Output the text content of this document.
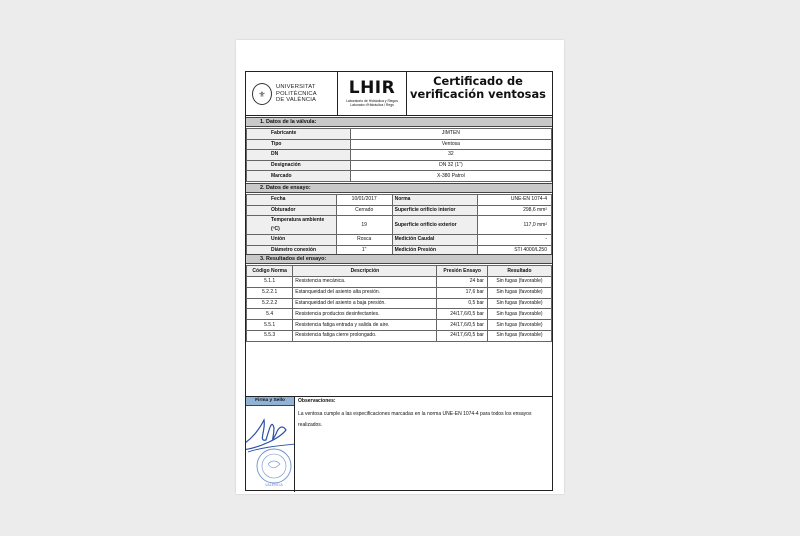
⚜
UNIVERSITAT
POLITÈCNICA
DE VALÈNCIA
LHIR
Laboratorio de Hidráulica y Riegos
Laborator d'Hidràulica i Regs
Certificado de
verificación ventosas
1. Datos de la válvula:
Fabricante	JIMTEN
Tipo	Ventosa
DN	32
Designación	DN 32 (1")
Marcado	X-380 Patrol
2. Datos de ensayo:
Fecha	10/01/2017	Norma	UNE-EN 1074-4
Obturador	Cerrado	Superficie orificio interior	298,6 mm²
Temperatura ambiente (ºC)	19	Superficie orificio exterior	117,0 mm²
Unión	Rosca	Medición Caudal	-
Diámetro conexión	1"	Medición Presión	STI 4000/L250
3. Resultados del ensayo:
Código Norma	Descripción	Presión Ensayo	Resultado
5.1.1	Resistencia mecánica.	24 bar	Sin fugas (favorable)
5.2.2.1	Estanqueidad del asiento alta presión.	17,6 bar	Sin fugas (favorable)
5.2.2.2	Estanqueidad del asiento a baja presión.	0,5 bar	Sin fugas (favorable)
5.4	Resistencia productos desinfectantes.	24/17,6/0,5 bar	Sin fugas (favorable)
5.5.1	Resistencia fatiga entrada y salida de aire.	24/17,6/0,5 bar	Sin fugas (favorable)
5.5.3	Resistencia fatiga cierre prolongado.	24/17,6/0,5 bar	Sin fugas (favorable)

Firma y Sello
VALENCIA
Observaciones:
La ventosa cumple a las especificaciones marcadas en la norma UNE-EN 1074-4 para todos los ensayos realizados.
